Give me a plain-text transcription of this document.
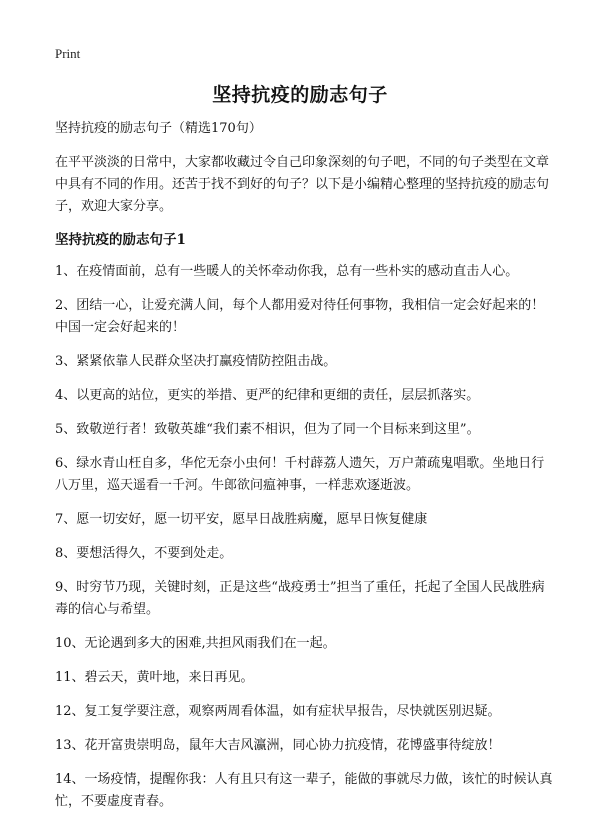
Print
坚持抗疫的励志句子

坚持抗疫的励志句子（精选170句）

在平平淡淡的日常中，大家都收藏过令自己印象深刻的句子吧，不同的句子类型在文章中具有不同的作用。还苦于找不到好的句子？以下是小编精心整理的坚持抗疫的励志句子，欢迎大家分享。

坚持抗疫的励志句子1
1、在疫情面前，总有一些暖人的关怀牵动你我，总有一些朴实的感动直击人心。
2、团结一心，让爱充满人间，每个人都用爱对待任何事物，我相信一定会好起来的！中国一定会好起来的！
3、紧紧依靠人民群众坚决打赢疫情防控阻击战。
4、以更高的站位，更实的举措、更严的纪律和更细的责任，层层抓落实。
5、致敬逆行者！致敬英雄“我们素不相识，但为了同一个目标来到这里”。
6、绿水青山枉自多，华佗无奈小虫何！千村薜荔人遗矢，万户萧疏鬼唱歌。坐地日行八万里，巡天遥看一千河。牛郎欲问瘟神事，一样悲欢逐逝波。
7、愿一切安好，愿一切平安，愿早日战胜病魔，愿早日恢复健康
8、要想活得久，不要到处走。
9、时穷节乃现，关键时刻，正是这些“战疫勇士”担当了重任，托起了全国人民战胜病毒的信心与希望。
10、无论遇到多大的困难,共担风雨我们在一起。
11、碧云天，黄叶地，来日再见。
12、复工复学要注意，观察两周看体温，如有症状早报告，尽快就医别迟疑。
13、花开富贵崇明岛，鼠年大吉风瀛洲，同心协力抗疫情，花博盛事待绽放！
14、一场疫情，提醒你我：人有且只有这一辈子，能做的事就尽力做，该忙的时候认真忙，不要虚度青春。
